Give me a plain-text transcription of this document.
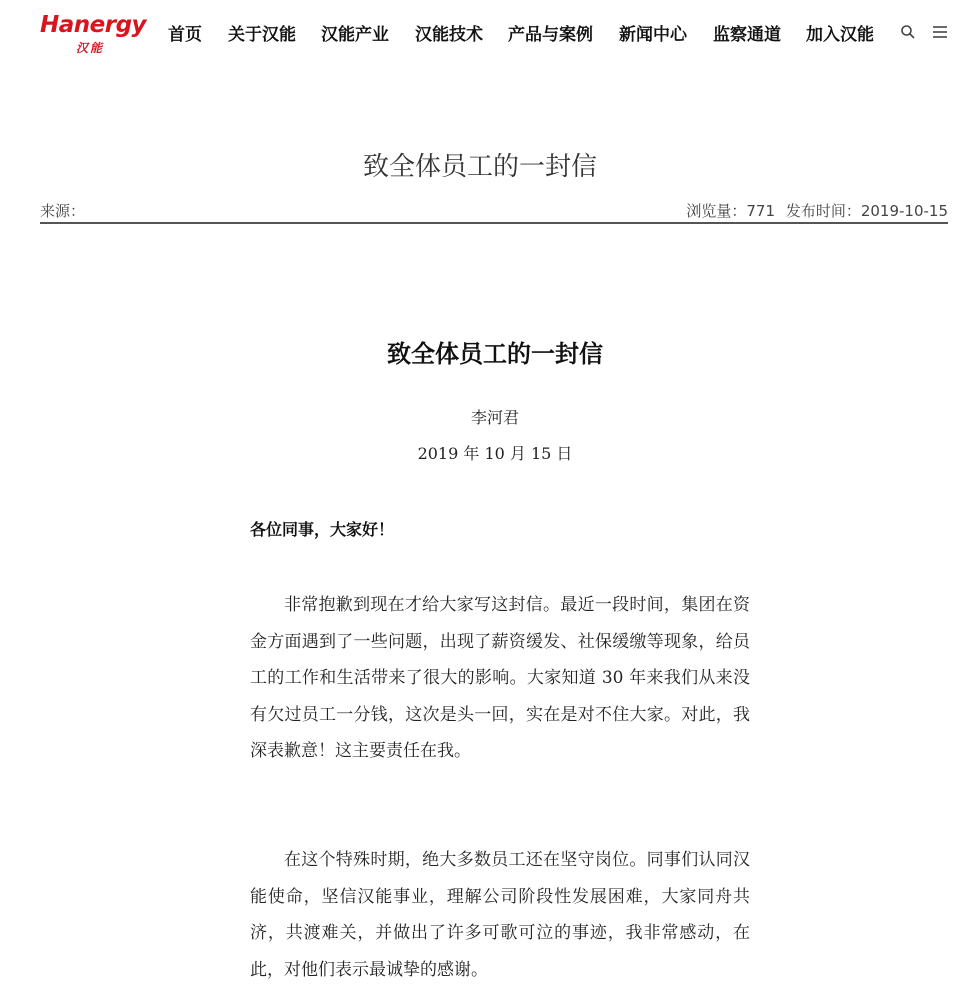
Hanergy
汉能
首页 关于汉能 汉能产业 汉能技术 产品与案例 新闻中心 监察通道 加入汉能
致全体员工的一封信
来源：	浏览量：771 发布时间：2019-10-15
致全体员工的一封信
李河君
2019 年 10 月 15 日
各位同事，大家好！

非常抱歉到现在才给大家写这封信。最近一段时间，集团在资金方面遇到了一些问题，出现了薪资缓发、社保缓缴等现象，给员工的工作和生活带来了很大的影响。大家知道 30 年来我们从来没有欠过员工一分钱，这次是头一回，实在是对不住大家。对此，我深表歉意！这主要责任在我。

在这个特殊时期，绝大多数员工还在坚守岗位。同事们认同汉能使命，坚信汉能事业，理解公司阶段性发展困难，大家同舟共济，共渡难关，并做出了许多可歌可泣的事迹，我非常感动，在此，对他们表示最诚挚的感谢。
